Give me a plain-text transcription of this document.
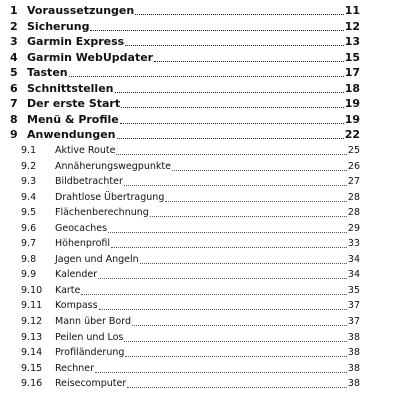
1 Voraussetzungen	11
2 Sicherung	12
3 Garmin Express	13
4 Garmin WebUpdater	15
5 Tasten	17
6 Schnittstellen	18
7 Der erste Start	19
8 Menü & Profile	19
9 Anwendungen	22
9.1 Aktive Route	25
9.2 Annäherungswegpunkte	26
9.3 Bildbetrachter	27
9.4 Drahtlose Übertragung	28
9.5 Flächenberechnung	28
9.6 Geocaches	29
9.7 Höhenprofil	33
9.8 Jagen und Angeln	34
9.9 Kalender	34
9.10 Karte	35
9.11 Kompass	37
9.12 Mann über Bord	37
9.13 Peilen und Los	38
9.14 Profiländerung	38
9.15 Rechner	38
9.16 Reisecomputer	38
